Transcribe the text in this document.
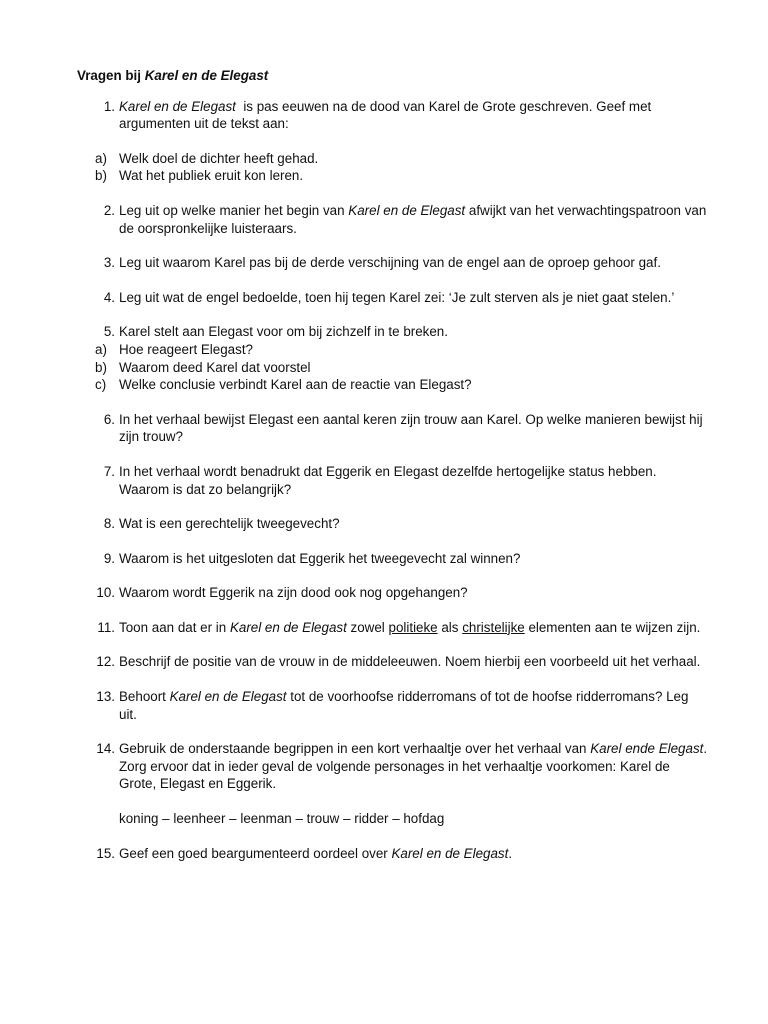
Vragen bij Karel en de Elegast
1. Karel en de Elegast  is pas eeuwen na de dood van Karel de Grote geschreven. Geef met argumenten uit de tekst aan:
a) Welk doel de dichter heeft gehad.
b) Wat het publiek eruit kon leren.
2. Leg uit op welke manier het begin van Karel en de Elegast afwijkt van het verwachtingspatroon van de oorspronkelijke luisteraars.
3. Leg uit waarom Karel pas bij de derde verschijning van de engel aan de oproep gehoor gaf.
4. Leg uit wat de engel bedoelde, toen hij tegen Karel zei: ‘Je zult sterven als je niet gaat stelen.’
5. Karel stelt aan Elegast voor om bij zichzelf in te breken.
a) Hoe reageert Elegast?
b) Waarom deed Karel dat voorstel
c) Welke conclusie verbindt Karel aan de reactie van Elegast?
6. In het verhaal bewijst Elegast een aantal keren zijn trouw aan Karel. Op welke manieren bewijst hij zijn trouw?
7. In het verhaal wordt benadrukt dat Eggerik en Elegast dezelfde hertogelijke status hebben. Waarom is dat zo belangrijk?
8. Wat is een gerechtelijk tweegevecht?
9. Waarom is het uitgesloten dat Eggerik het tweegevecht zal winnen?
10. Waarom wordt Eggerik na zijn dood ook nog opgehangen?
11. Toon aan dat er in Karel en de Elegast zowel politieke als christelijke elementen aan te wijzen zijn.
12. Beschrijf de positie van de vrouw in de middeleeuwen. Noem hierbij een voorbeeld uit het verhaal.
13. Behoort Karel en de Elegast tot de voorhoofse ridderromans of tot de hoofse ridderromans? Leg uit.
14. Gebruik de onderstaande begrippen in een kort verhaaltje over het verhaal van Karel ende Elegast. Zorg ervoor dat in ieder geval de volgende personages in het verhaaltje voorkomen: Karel de Grote, Elegast en Eggerik.
koning – leenheer – leenman – trouw – ridder – hofdag
15. Geef een goed beargumenteerd oordeel over Karel en de Elegast.
